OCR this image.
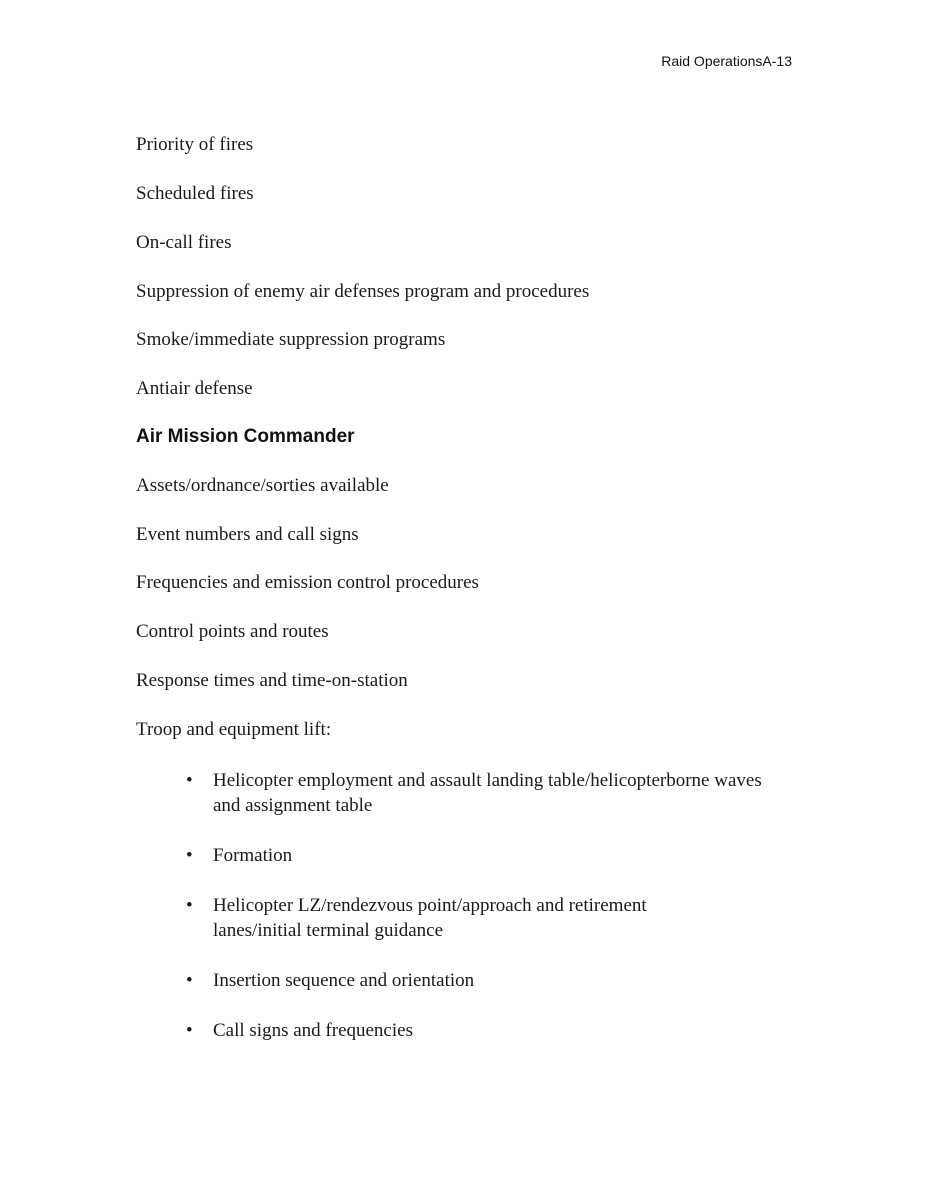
Raid OperationsA-13
Priority of fires
Scheduled fires
On-call fires
Suppression of enemy air defenses program and procedures
Smoke/immediate suppression programs
Antiair defense
Air Mission Commander
Assets/ordnance/sorties available
Event numbers and call signs
Frequencies and emission control procedures
Control points and routes
Response times and time-on-station
Troop and equipment lift:
•	Helicopter employment and assault landing table/helicopterborne waves and assignment table
•	Formation
•	Helicopter LZ/rendezvous point/approach and retirement lanes/initial terminal guidance
•	Insertion sequence and orientation
•	Call signs and frequencies
